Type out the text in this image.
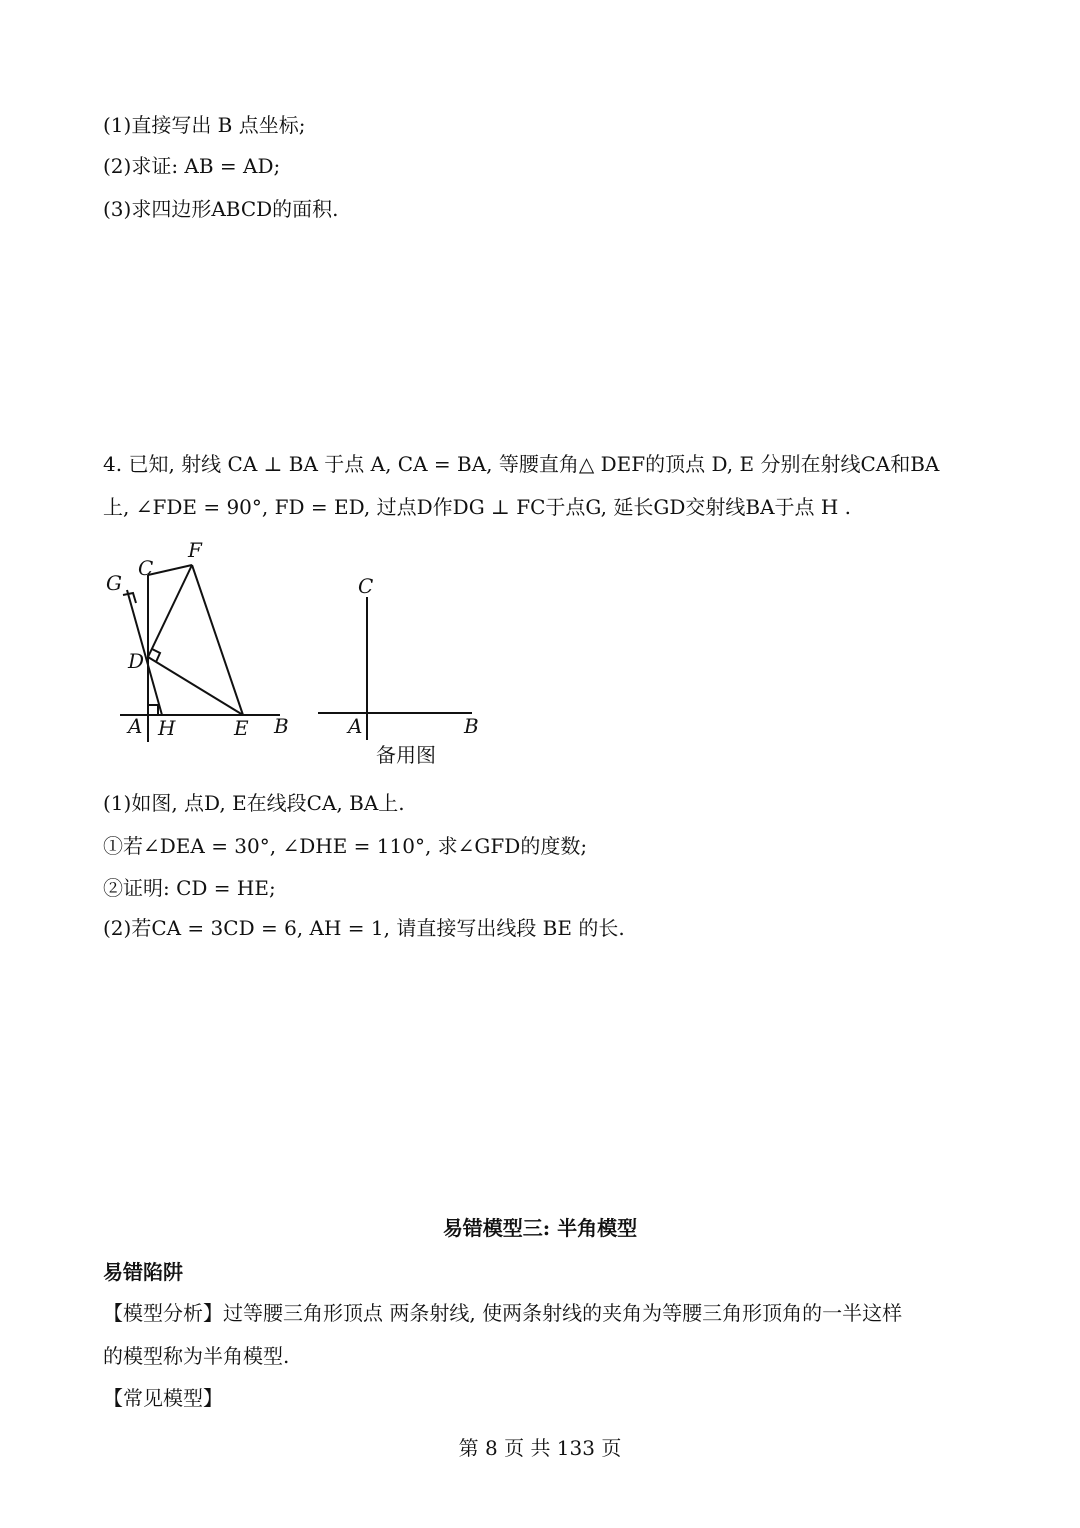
(1)直接写出 B 点坐标;
(2)求证: AB = AD;
(3)求四边形ABCD的面积.
4. 已知, 射线 CA ⊥ BA 于点 A, CA = BA, 等腰直角△ DEF的顶点 D, E 分别在射线CA和BA
上, ∠FDE = 90°, FD = ED, 过点D作DG ⊥ FC于点G, 延长GD交射线BA于点 H .
F
C
G
D
A H	E B
C
A	B
备用图
(1)如图, 点D, E在线段CA, BA上.
①若∠DEA = 30°, ∠DHE = 110°, 求∠GFD的度数;
②证明: CD = HE;
(2)若CA = 3CD = 6, AH = 1, 请直接写出线段 BE 的长.
易错模型三: 半角模型
易错陷阱
【模型分析】过等腰三角形顶点 两条射线, 使两条射线的夹角为等腰三角形顶角的一半这样
的模型称为半角模型.
【常见模型】
第 8 页 共 133 页
